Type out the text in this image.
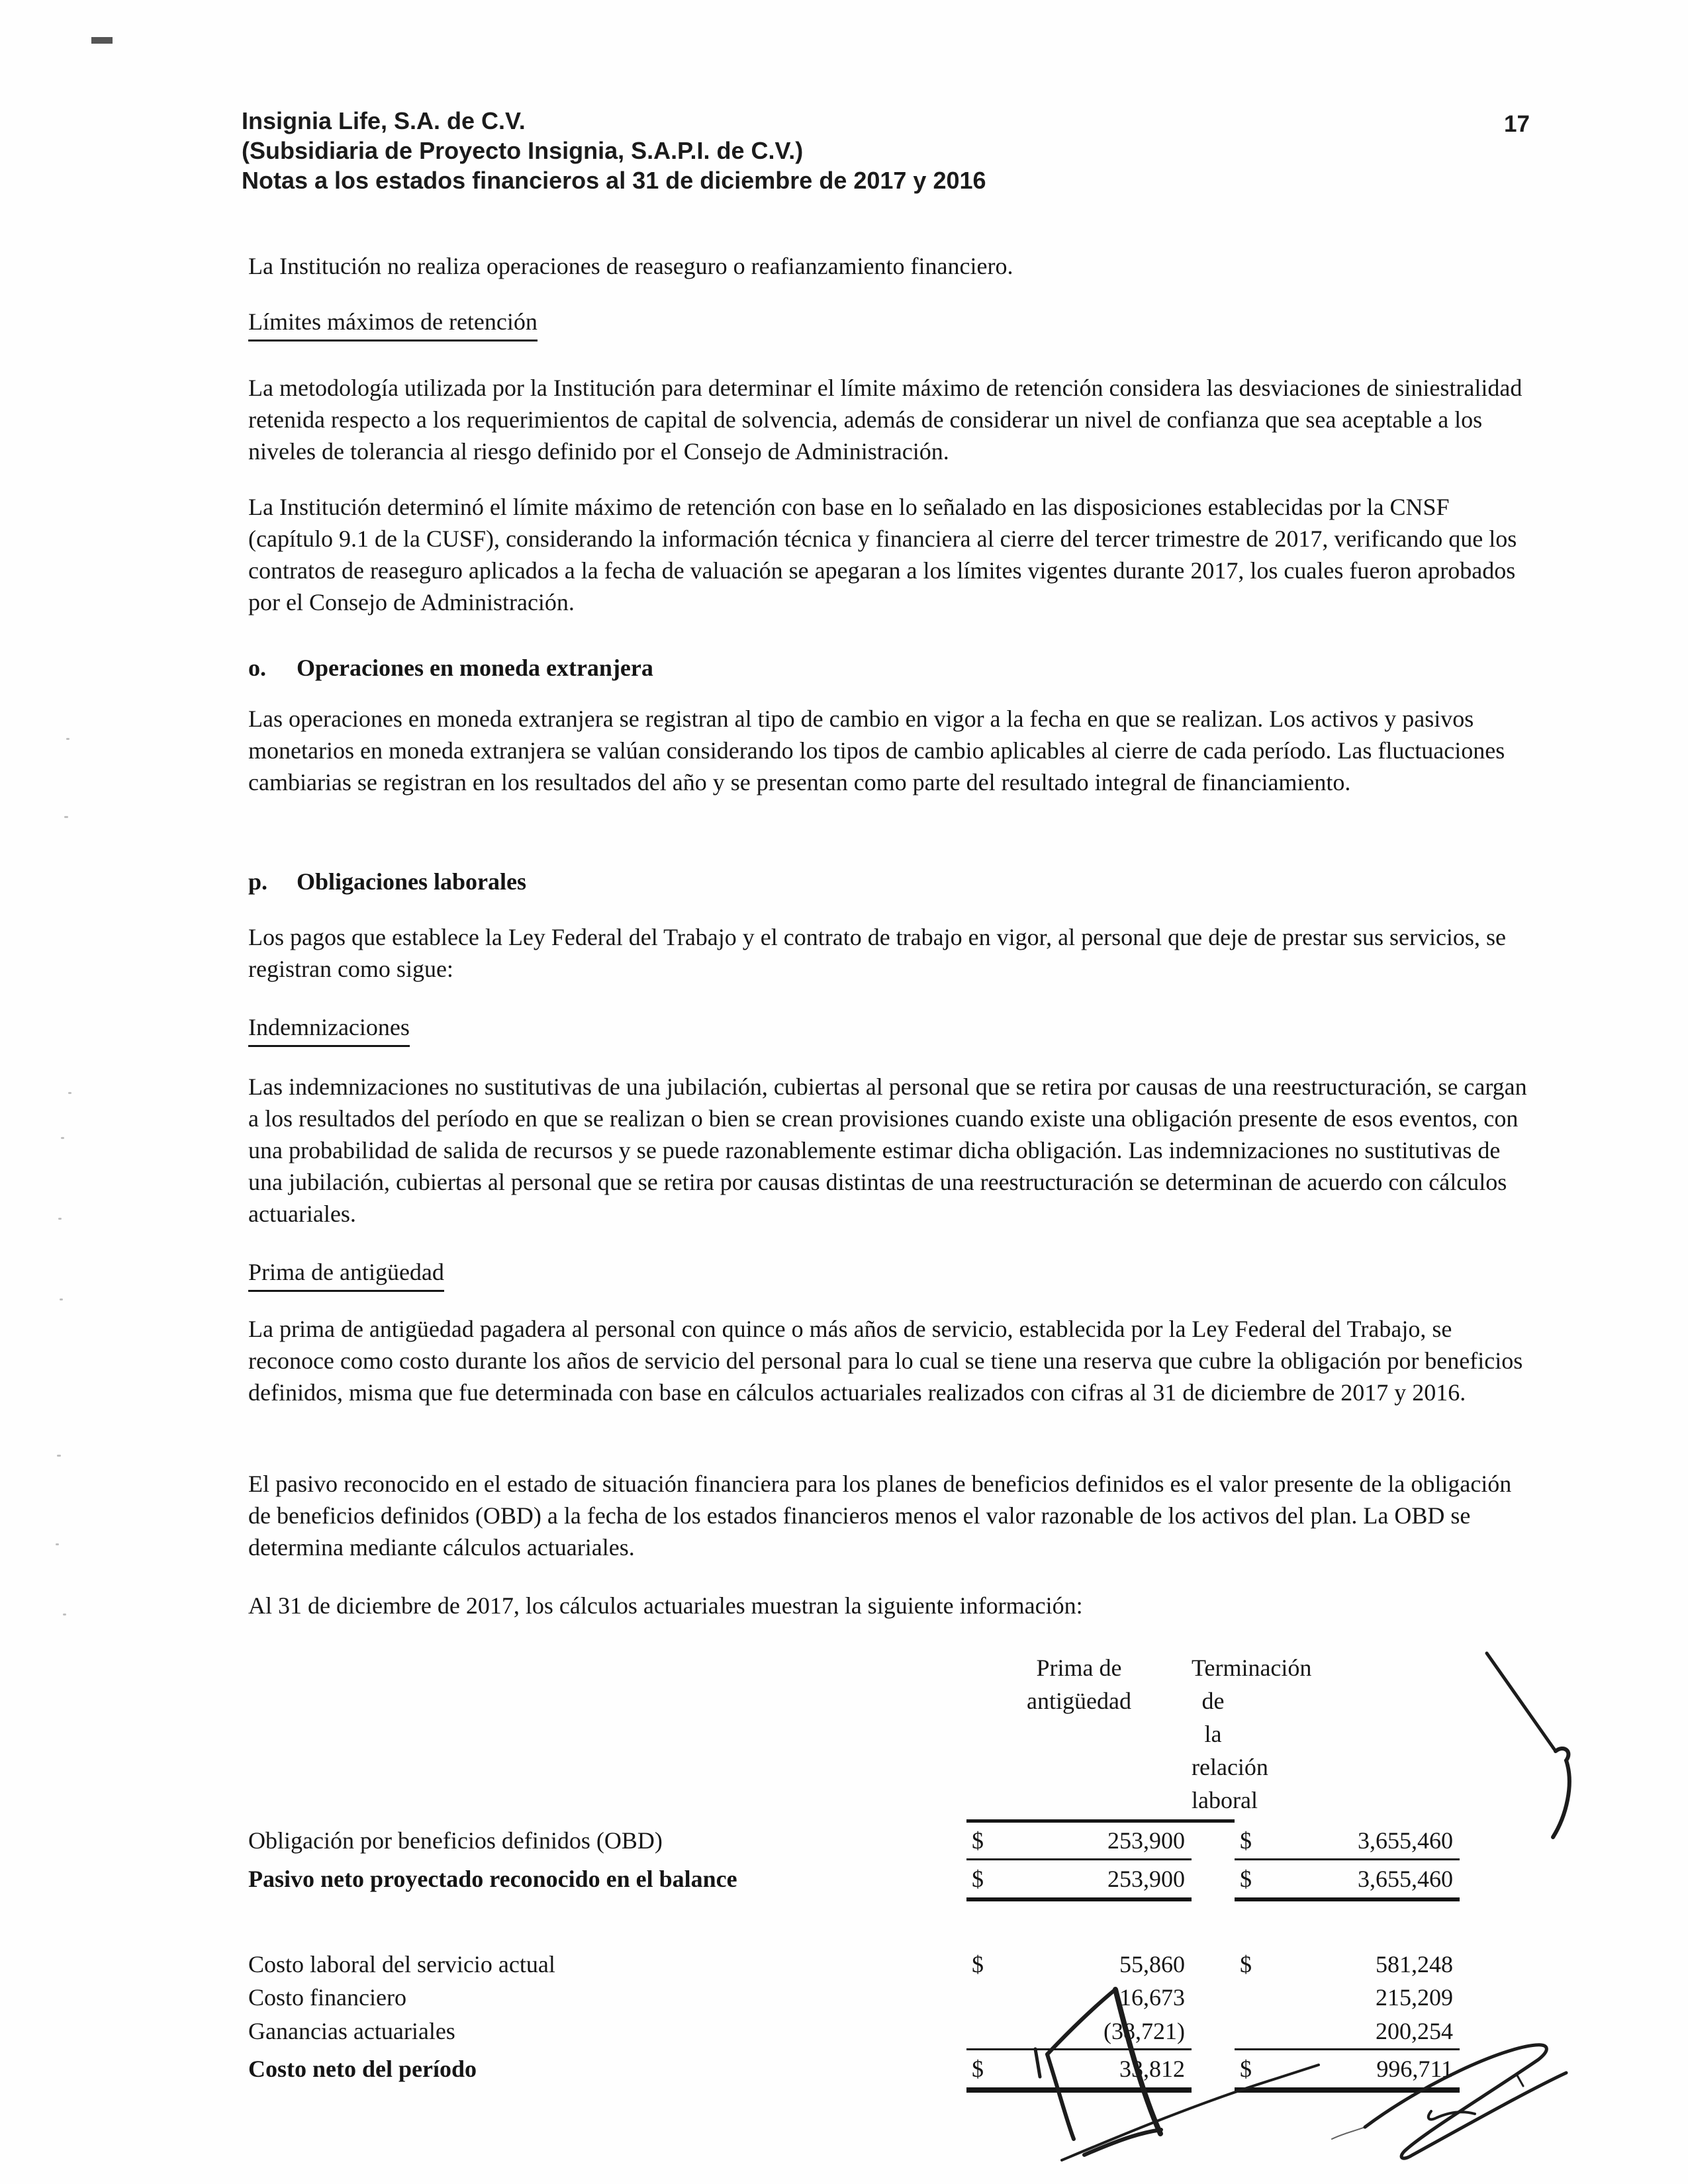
Insignia Life, S.A. de C.V.
(Subsidiaria de Proyecto Insignia, S.A.P.I. de C.V.)
Notas a los estados financieros al 31 de diciembre de 2017 y 2016
17
La Institución no realiza operaciones de reaseguro o reafianzamiento financiero.
Límites máximos de retención
La metodología utilizada por la Institución para determinar el límite máximo de retención considera las desviaciones de siniestralidad retenida respecto a los requerimientos de capital de solvencia, además de considerar un nivel de confianza que sea aceptable a los niveles de tolerancia al riesgo definido por el Consejo de Administración.
La Institución determinó el límite máximo de retención con base en lo señalado en las disposiciones establecidas por la CNSF (capítulo 9.1 de la CUSF), considerando la información técnica y financiera al cierre del tercer trimestre de 2017, verificando que los contratos de reaseguro aplicados a la fecha de valuación se apegaran a los límites vigentes durante 2017, los cuales fueron aprobados por el Consejo de Administración.
o. Operaciones en moneda extranjera
Las operaciones en moneda extranjera se registran al tipo de cambio en vigor a la fecha en que se realizan. Los activos y pasivos monetarios en moneda extranjera se valúan considerando los tipos de cambio aplicables al cierre de cada período. Las fluctuaciones cambiarias se registran en los resultados del año y se presentan como parte del resultado integral de financiamiento.
p. Obligaciones laborales
Los pagos que establece la Ley Federal del Trabajo y el contrato de trabajo en vigor, al personal que deje de prestar sus servicios, se registran como sigue:
Indemnizaciones
Las indemnizaciones no sustitutivas de una jubilación, cubiertas al personal que se retira por causas de una reestructuración, se cargan a los resultados del período en que se realizan o bien se crean provisiones cuando existe una obligación presente de esos eventos, con una probabilidad de salida de recursos y se puede razonablemente estimar dicha obligación. Las indemnizaciones no sustitutivas de una jubilación, cubiertas al personal que se retira por causas distintas de una reestructuración se determinan de acuerdo con cálculos actuariales.
Prima de antigüedad
La prima de antigüedad pagadera al personal con quince o más años de servicio, establecida por la Ley Federal del Trabajo, se reconoce como costo durante los años de servicio del personal para lo cual se tiene una reserva que cubre la obligación por beneficios definidos, misma que fue determinada con base en cálculos actuariales realizados con cifras al 31 de diciembre de 2017 y 2016.
El pasivo reconocido en el estado de situación financiera para los planes de beneficios definidos es el valor presente de la obligación de beneficios definidos (OBD) a la fecha de los estados financieros menos el valor razonable de los activos del plan. La OBD se determina mediante cálculos actuariales.
Al 31 de diciembre de 2017, los cálculos actuariales muestran la siguiente información:
Prima de
antigüedad
Terminación de
la relación laboral
Obligación por beneficios definidos (OBD)	$	253,900 $	3,655,460
Pasivo neto proyectado reconocido en el balance	$	253,900 $	3,655,460
Costo laboral del servicio actual	$	55,860 $	581,248
Costo financiero	16,673	215,209
Ganancias actuariales	(38,721)	200,254
Costo neto del período	$	33,812 $	996,711
